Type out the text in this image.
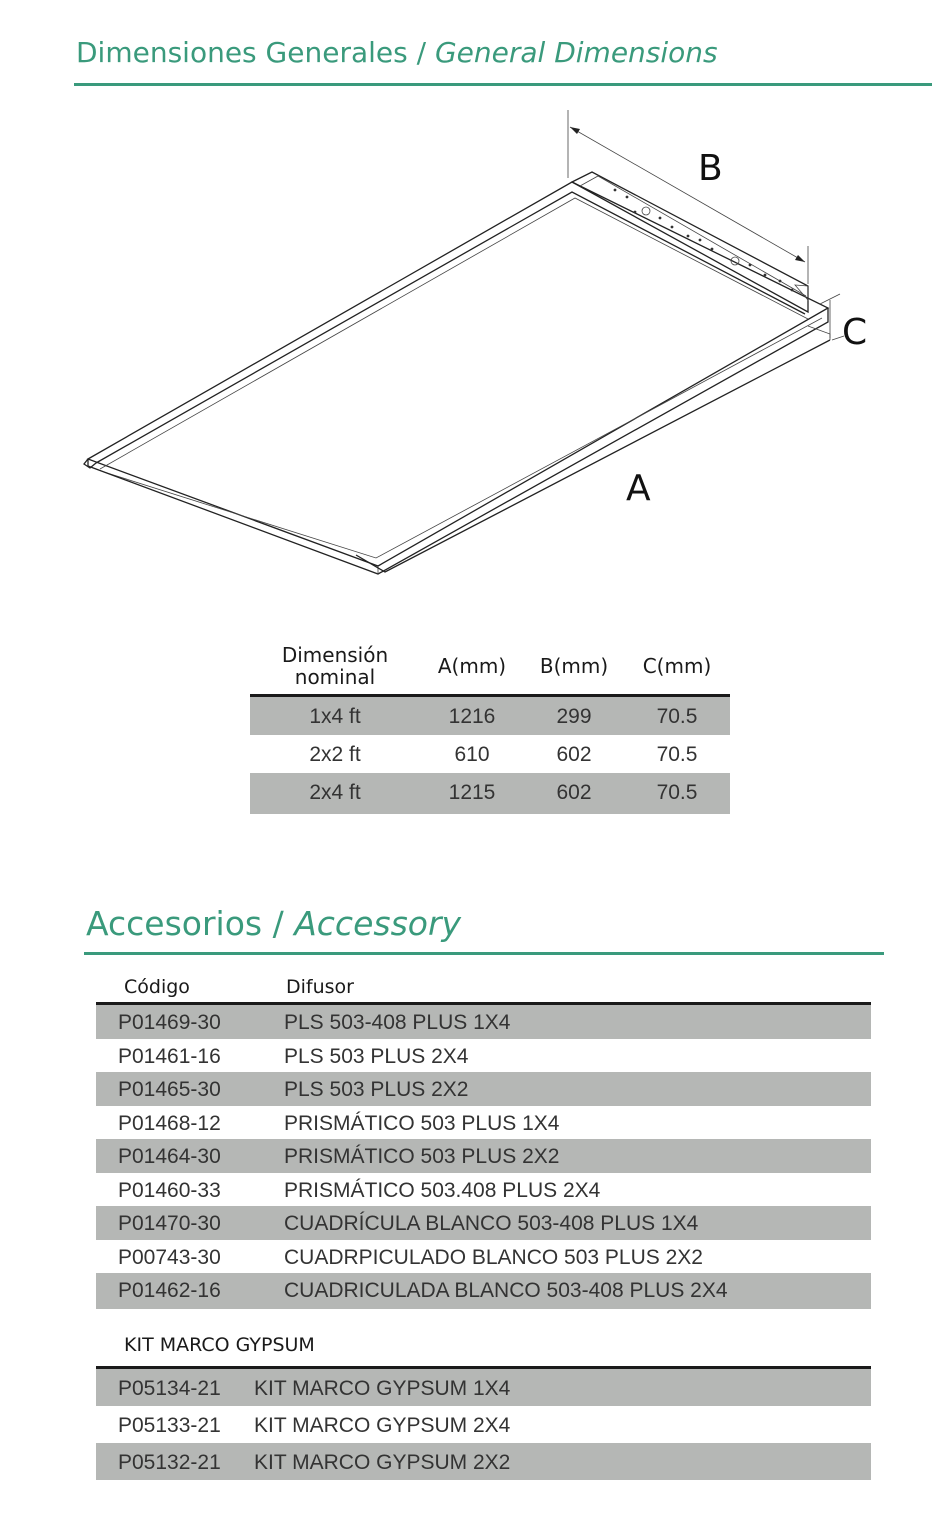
Dimensiones Generales / General Dimensions
B
C
A
Dimensión
nominal	A(mm)	B(mm)	C(mm)
1x4 ft	1216	299	70.5
2x2 ft	610	602	70.5
2x4 ft	1215	602	70.5
Accesorios / Accessory
Código	Difusor
P01469-30	PLS 503-408 PLUS 1X4
P01461-16	PLS 503 PLUS 2X4
P01465-30	PLS 503 PLUS 2X2
P01468-12	PRISMÁTICO 503 PLUS 1X4
P01464-30	PRISMÁTICO 503 PLUS 2X2
P01460-33	PRISMÁTICO 503.408 PLUS 2X4
P01470-30	CUADRÍCULA BLANCO 503-408 PLUS 1X4
P00743-30	CUADRPICULADO BLANCO 503 PLUS 2X2
P01462-16	CUADRICULADA BLANCO 503-408 PLUS 2X4
KIT MARCO GYPSUM
P05134-21 KIT MARCO GYPSUM 1X4
P05133-21 KIT MARCO GYPSUM 2X4
P05132-21 KIT MARCO GYPSUM 2X2
